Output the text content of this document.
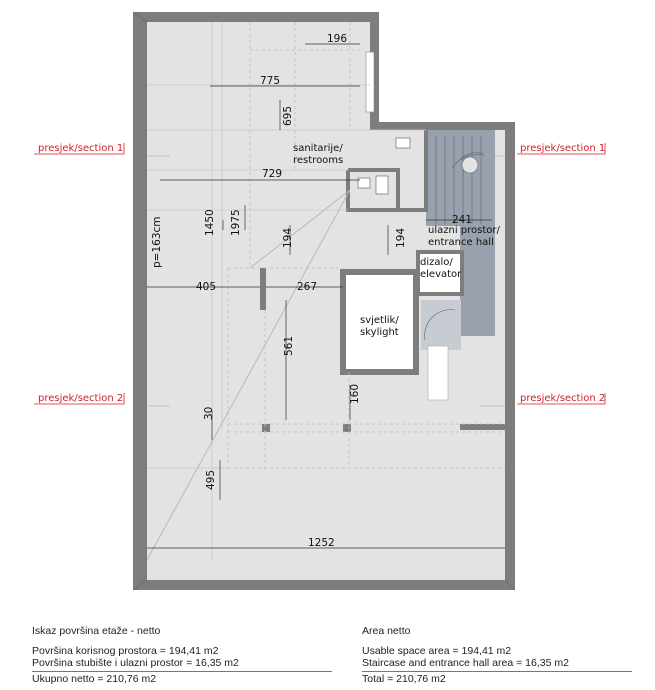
presjek/section 1	presjek/section 1
presjek/section 2	presjek/section 2
196
775
695
729
1450 1975
194	194
241
405	267
561
30
160
495
1252
p=163cm
sanitarije/
restrooms
ulazni prostor/
entrance hall
dizalo/
elevator
svjetlik/
skylight
Iskaz površina etaže - netto
Površina korisnog prostora = 194,41 m2
Površina stubište i ulazni prostor = 16,35 m2
Ukupno netto = 210,76 m2
Area netto
Usable space area = 194,41 m2
Staircase and entrance hall area = 16,35 m2
Total = 210,76 m2
